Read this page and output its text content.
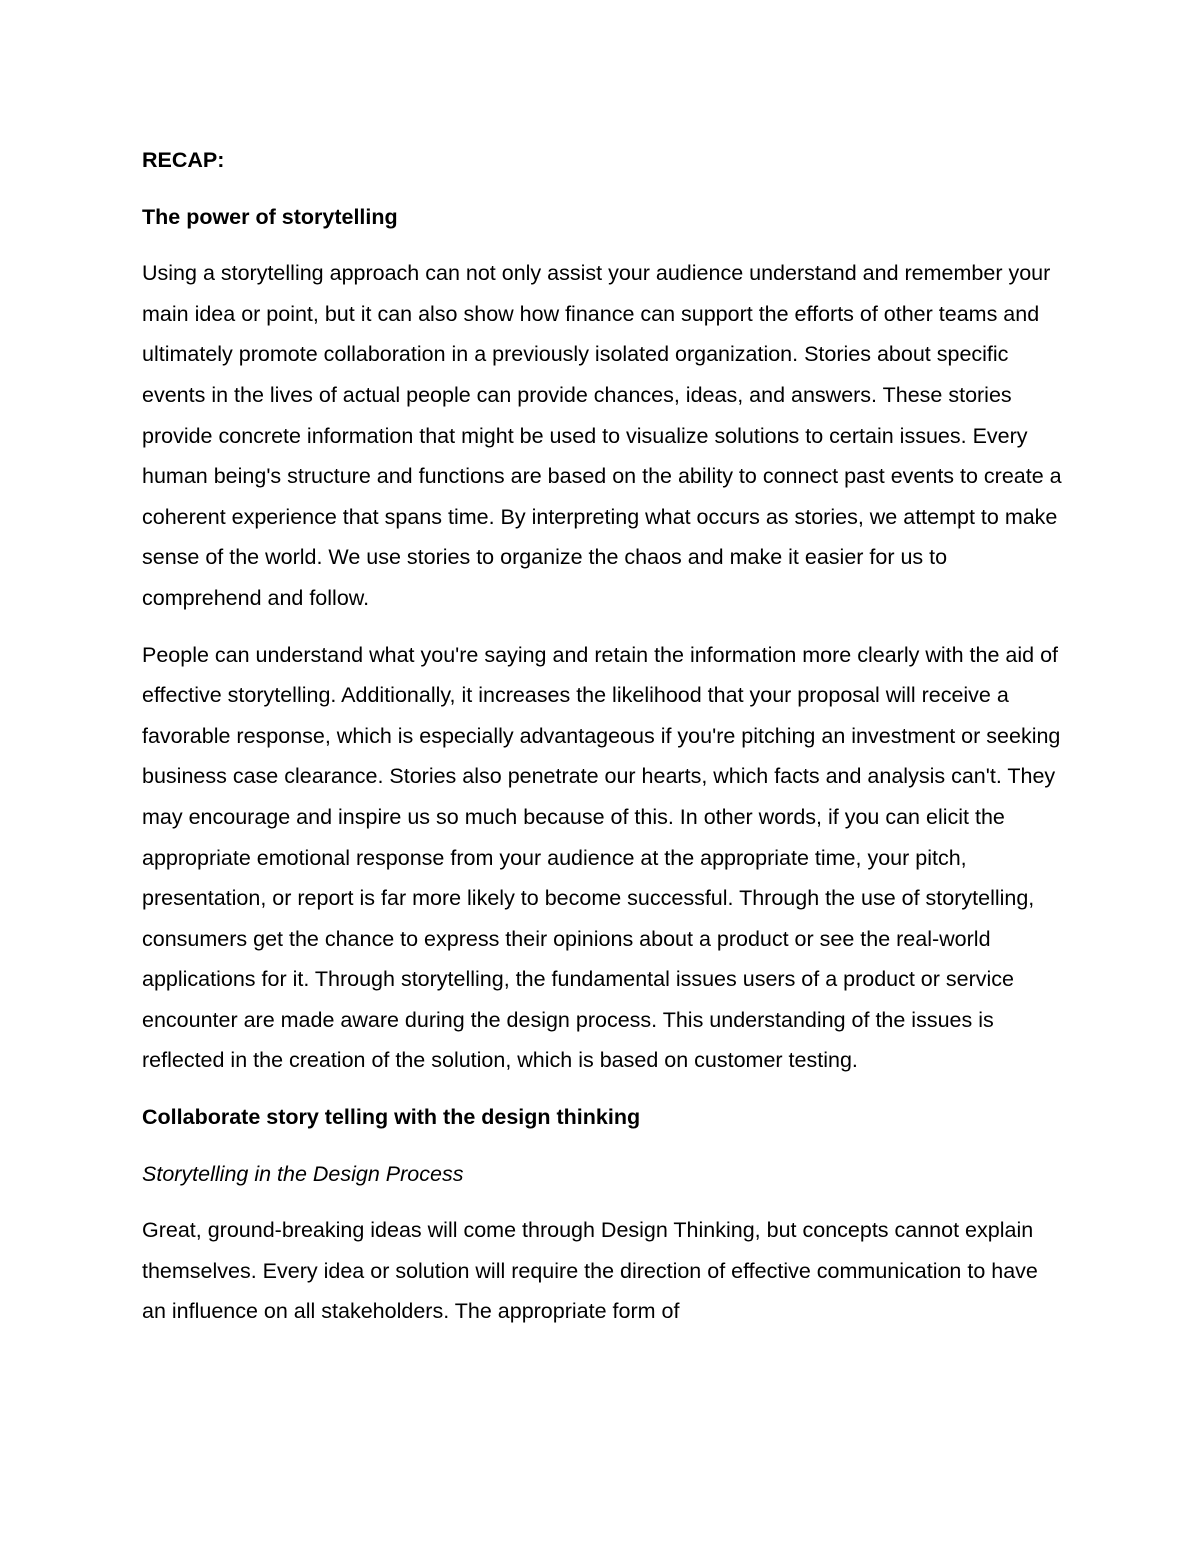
RECAP:
The power of storytelling
Using a storytelling approach can not only assist your audience understand and remember your main idea or point, but it can also show how finance can support the efforts of other teams and ultimately promote collaboration in a previously isolated organization. Stories about specific events in the lives of actual people can provide chances, ideas, and answers. These stories provide concrete information that might be used to visualize solutions to certain issues. Every human being's structure and functions are based on the ability to connect past events to create a coherent experience that spans time. By interpreting what occurs as stories, we attempt to make sense of the world. We use stories to organize the chaos and make it easier for us to comprehend and follow.
People can understand what you're saying and retain the information more clearly with the aid of effective storytelling. Additionally, it increases the likelihood that your proposal will receive a favorable response, which is especially advantageous if you're pitching an investment or seeking business case clearance. Stories also penetrate our hearts, which facts and analysis can't. They may encourage and inspire us so much because of this. In other words, if you can elicit the appropriate emotional response from your audience at the appropriate time, your pitch, presentation, or report is far more likely to become successful. Through the use of storytelling, consumers get the chance to express their opinions about a product or see the real-world applications for it. Through storytelling, the fundamental issues users of a product or service encounter are made aware during the design process. This understanding of the issues is reflected in the creation of the solution, which is based on customer testing.
Collaborate story telling with the design thinking
Storytelling in the Design Process
Great, ground-breaking ideas will come through Design Thinking, but concepts cannot explain themselves. Every idea or solution will require the direction of effective communication to have an influence on all stakeholders. The appropriate form of
